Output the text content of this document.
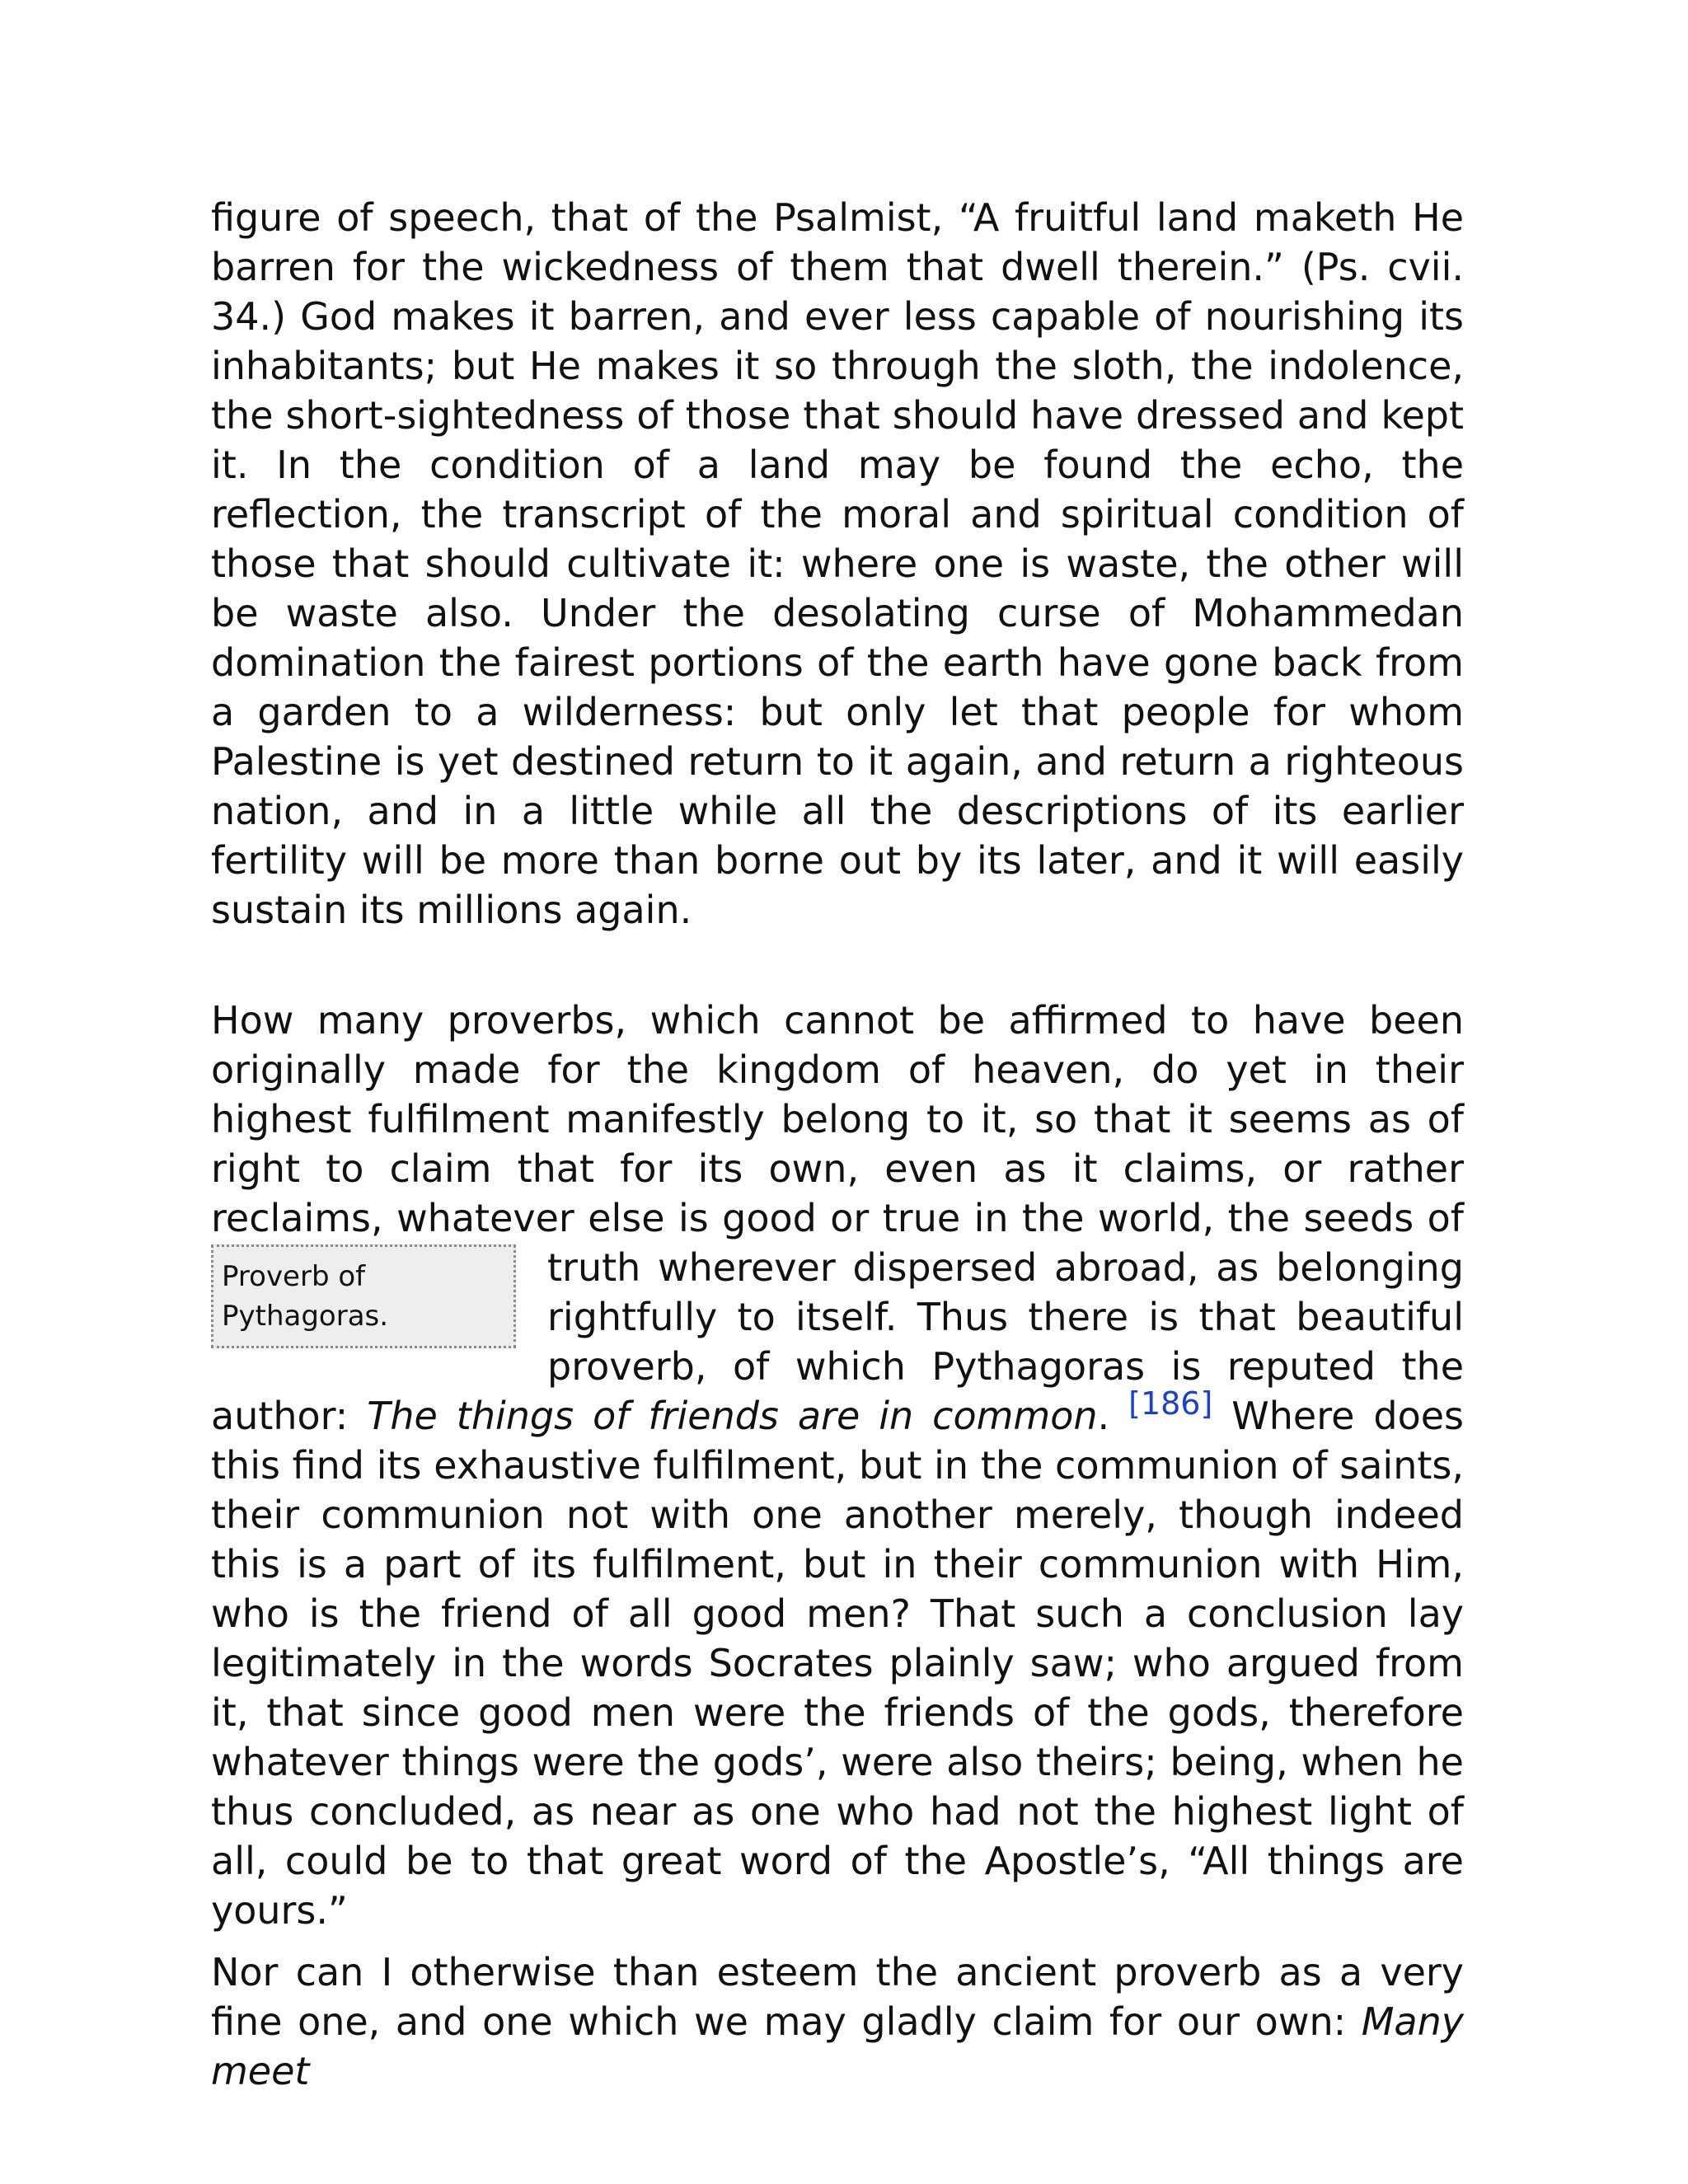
figure of speech, that of the Psalmist, “A fruitful land maketh He barren for the wickedness of them that dwell therein.” (Ps. cvii. 34.) God makes it barren, and ever less capable of nourishing its inhabitants; but He makes it so through the sloth, the indolence, the short-sightedness of those that should have dressed and kept it. In the condition of a land may be found the echo, the reflection, the transcript of the moral and spiritual condition of those that should cultivate it: where one is waste, the other will be waste also. Under the desolating curse of Mohammedan domination the fairest portions of the earth have gone back from a garden to a wilderness: but only let that people for whom Palestine is yet destined return to it again, and return a righteous nation, and in a little while all the descriptions of its earlier fertility will be more than borne out by its later, and it will easily sustain its millions again.

How many proverbs, which cannot be affirmed to have been originally made for the kingdom of heaven, do yet in their highest fulfilment manifestly belong to it, so that it seems as of right to claim that for its own, even as it claims, or rather reclaims, whatever else is good or true in the world, the seeds of truth wherever dispersed
Proverb of Pythagoras.
abroad, as belonging rightfully to itself. Thus there is that beautiful proverb, of which Pythagoras is reputed the author: The things of friends are in common. [186] Where does this find its exhaustive fulfilment, but in the communion of saints, their communion not with one another merely, though indeed this is a part of its fulfilment, but in their communion with Him, who is the friend of all good men? That such a conclusion lay legitimately in the words Socrates plainly saw; who argued from it, that since good men were the friends of the gods, therefore whatever things were the gods’, were also theirs; being, when he thus concluded, as near as one who had not the highest light of all, could be to that great word of the Apostle’s, “All things are yours.”

Nor can I otherwise than esteem the ancient proverb as a very fine one, and one which we may gladly claim for our own: Many meet
